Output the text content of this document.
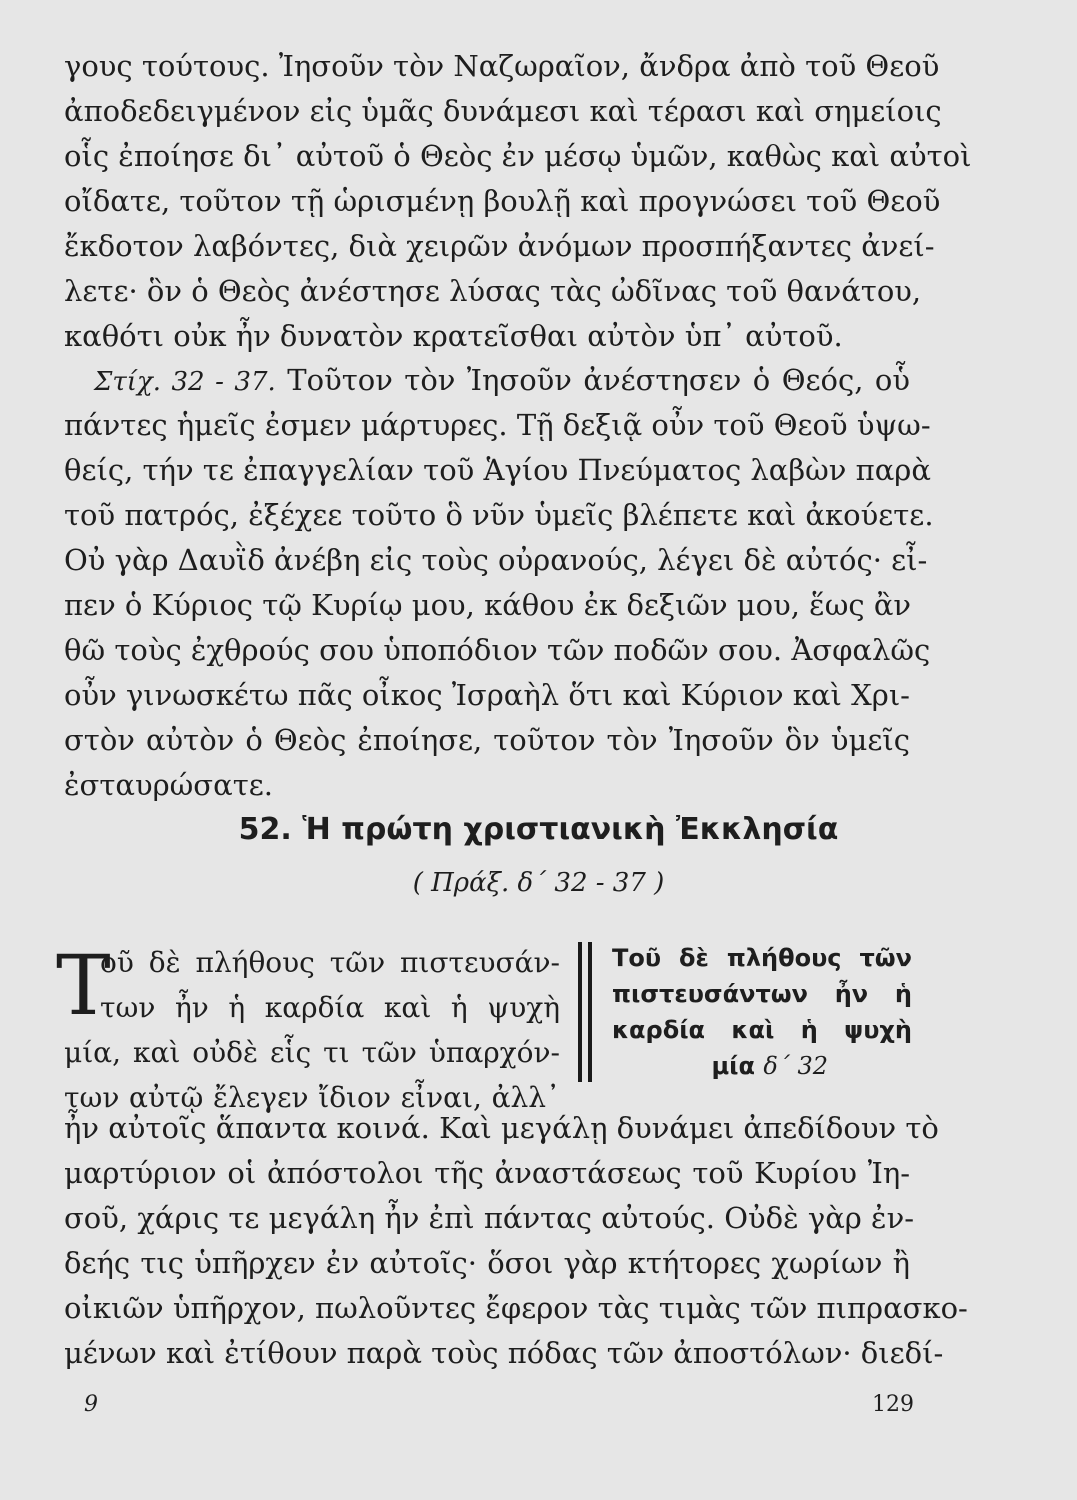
γους τούτους. Ἰησοῦν τὸν Ναζωραῖον, ἄνδρα ἀπὸ τοῦ Θεοῦ
ἀποδεδειγμένον εἰς ὑμᾶς δυνάμεσι καὶ τέρασι καὶ σημείοις
οἷς ἐποίησε δι᾽ αὐτοῦ ὁ Θεὸς ἐν μέσῳ ὑμῶν, καθὼς καὶ αὐτοὶ
οἴδατε, τοῦτον τῇ ὡρισμένῃ βουλῇ καὶ προγνώσει τοῦ Θεοῦ
ἔκδοτον λαβόντες, διὰ χειρῶν ἀνόμων προσπήξαντες ἀνεί-
λετε· ὃν ὁ Θεὸς ἀνέστησε λύσας τὰς ὠδῖνας τοῦ θανάτου,
καθότι οὐκ ἦν δυνατὸν κρατεῖσθαι αὐτὸν ὑπ᾽ αὐτοῦ.
Στίχ. 32 - 37. Τοῦτον τὸν Ἰησοῦν ἀνέστησεν ὁ Θεός, οὗ
πάντες ἡμεῖς ἐσμεν μάρτυρες. Τῇ δεξιᾷ οὖν τοῦ Θεοῦ ὑψω-
θείς, τήν τε ἐπαγγελίαν τοῦ Ἁγίου Πνεύματος λαβὼν παρὰ
τοῦ πατρός, ἐξέχεε τοῦτο ὃ νῦν ὑμεῖς βλέπετε καὶ ἀκούετε.
Οὐ γὰρ Δαυῒδ ἀνέβη εἰς τοὺς οὐρανούς, λέγει δὲ αὐτός· εἶ-
πεν ὁ Κύριος τῷ Κυρίῳ μου, κάθου ἐκ δεξιῶν μου, ἕως ἂν
θῶ τοὺς ἐχθρούς σου ὑποπόδιον τῶν ποδῶν σου. Ἀσφαλῶς
οὖν γινωσκέτω πᾶς οἶκος Ἰσραὴλ ὅτι καὶ Κύριον καὶ Χρι-
στὸν αὐτὸν ὁ Θεὸς ἐποίησε, τοῦτον τὸν Ἰησοῦν ὃν ὑμεῖς
ἐσταυρώσατε.
52. Ἡ πρώτη χριστιανικὴ Ἐκκλησία
( Πράξ. δ΄ 32 - 37 )
T
οῦ δὲ πλήθους τῶν πιστευσάν-
των ἦν ἡ καρδία καὶ ἡ ψυχὴ
μία, καὶ οὐδὲ εἷς τι τῶν ὑπαρχόν-
των αὐτῷ ἔλεγεν ἴδιον εἶναι, ἀλλ᾽
Τοῦ δὲ πλήθους τῶν
πιστευσάντων ἦν ἡ
καρδία καὶ ἡ ψυχὴ
μία δ΄ 32
ἦν αὐτοῖς ἅπαντα κοινά. Καὶ μεγάλῃ δυνάμει ἀπεδίδουν τὸ
μαρτύριον οἱ ἀπόστολοι τῆς ἀναστάσεως τοῦ Κυρίου Ἰη-
σοῦ, χάρις τε μεγάλη ἦν ἐπὶ πάντας αὐτούς. Οὐδὲ γὰρ ἐν-
δεής τις ὑπῆρχεν ἐν αὐτοῖς· ὅσοι γὰρ κτήτορες χωρίων ἢ
οἰκιῶν ὑπῆρχον, πωλοῦντες ἔφερον τὰς τιμὰς τῶν πιπρασκο-
μένων καὶ ἐτίθουν παρὰ τοὺς πόδας τῶν ἀποστόλων· διεδί-
9	129
